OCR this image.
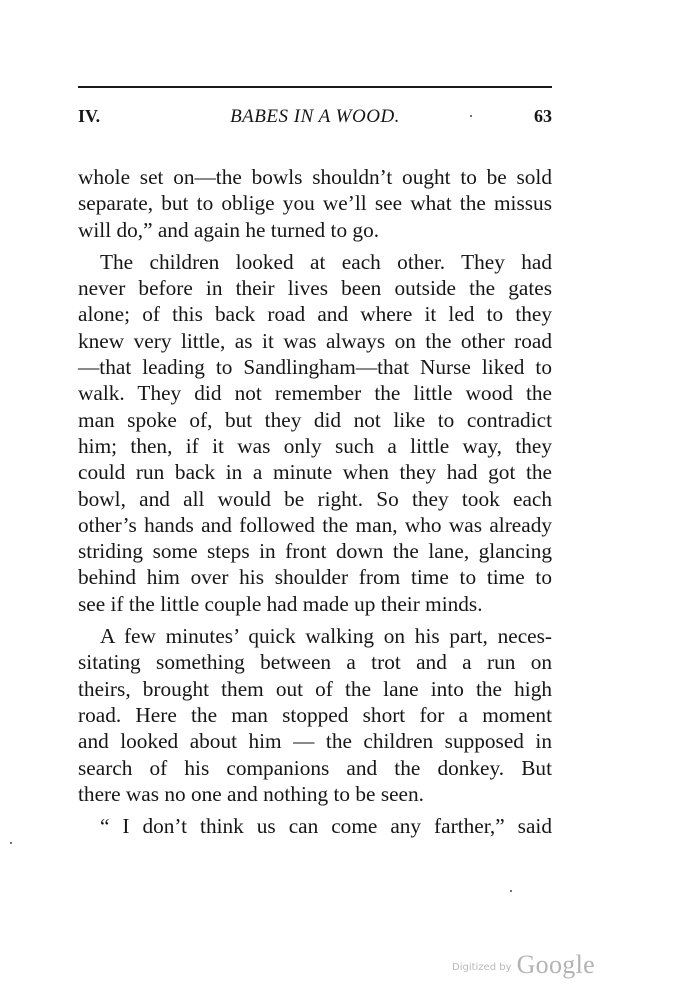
IV.	BABES IN A WOOD.	63
whole set on—the bowls shouldn’t ought to be sold
separate, but to oblige you we’ll see what the missus
will do,” and again he turned to go.
The children looked at each other. They had
never before in their lives been outside the gates
alone; of this back road and where it led to they
knew very little, as it was always on the other road
—that leading to Sandlingham—that Nurse liked to
walk. They did not remember the little wood the
man spoke of, but they did not like to contradict
him; then, if it was only such a little way, they
could run back in a minute when they had got the
bowl, and all would be right. So they took each
other’s hands and followed the man, who was already
striding some steps in front down the lane, glancing
behind him over his shoulder from time to time to
see if the little couple had made up their minds.
A few minutes’ quick walking on his part, neces-
sitating something between a trot and a run on
theirs, brought them out of the lane into the high
road. Here the man stopped short for a moment
and looked about him — the children supposed in
search of his companions and the donkey. But
there was no one and nothing to be seen.
“ I don’t think us can come any farther,” said
Digitized by Google
